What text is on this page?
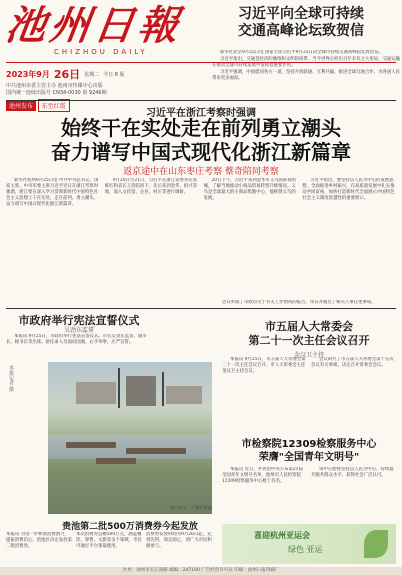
池州日報
CHIZHOU DAILY
习近平向全球可持续
交通高峰论坛致贺信
2023年9月 26日 星期二 今日 8 版
中共池州市委主管主办 池州市传媒中心出版
国内统一连续出版号 CN34-0030 第 9246期
池州发布 东至红霞

新华社北京9月25日电 国家主席习近平9月25日向全球可持续交通高峰论坛致贺信。

习近平指出，交通是经济的脉络和文明的纽带。当今世界正经历百年未有之大变局，交通运输在推动全球可持续发展中发挥着重要作用。

习近平强调，中国愿同各方一道，坚持开放联通、互利共赢，推进全球交通合作，为各国人民带来更多福祉。

习近平在浙江考察时强调
始终干在实处走在前列勇立潮头
奋力谱写中国式现代化浙江新篇章
返京途中在山东枣庄考察 蔡奇陪同考察

新华社杭州9月25日电 中共中央总书记、国家主席、中央军委主席习近平近日在浙江考察时强调，浙江要在深入学习贯彻新时代中国特色社会主义思想上干在实处、走在前列、勇立潮头，奋力谱写中国式现代化浙江新篇章。

9月20日至21日，习近平在浙江省委书记易炼红和省长王浩陪同下，先后来到金华、绍兴等地，深入文化馆、企业、村庄等进行调研。

20日下午，习近平来到金华市义乌国际商贸城，了解当地推动小商品贸易转型升级情况。义乌是全球最大的小商品集散中心，他称赞义乌的发展。

习近平指出，要坚持以人民为中心的发展思想，全面推进乡村振兴，在高质量发展中扎实推动共同富裕，加快打造新时代全面展示中国特色社会主义制度优越性的重要窗口。

市政府举行宪法宣誓仪式
吴劲东监誓

本报讯 9月25日，市政府举行宪法宣誓仪式。市长吴劲东监誓，副市长、秘书长等出席。新任命人员面向国旗、右手举拳，庄严宣誓。

本报记者 摄
港口码头一片繁忙景象
会议听取了市政府关于有关工作情况的报告，审议并通过了相关人事任免事项。
市五届人大常委会
第二十一次主任会议召开
金汉卫主持

本报讯 9月25日，市五届人大常委会第二十一次主任会议召开。市人大常委会主任金汉卫主持会议。

会议研究了市五届人大常委会第十五次会议有关事项，决定召开常委会会议。

市检察院12309检察服务中心
荣膺"全国青年文明号"

本报讯 近日，共青团中央公布第21届全国青年文明号名单，池州市人民检察院12309检察服务中心榜上有名。

该中心始终坚持以人民为中心，持续提升服务群众水平，获得社会广泛认可。

贵池第二批500万消费券今起发放
本报讯 为进一步释放消费潜力，提振消费信心，贵池区决定发放第二批消费券。
本次消费券总额500万元，涵盖餐饮、零售、文旅等多个领域，市民可通过平台领取使用。
消费券发放时间为9月26日起，先到先得，领完即止，请广大市民积极参与。
喜迎杭州亚运会
绿色 亚运
社址：池州市长江南路 邮编：247100 广告经营许可证 印刷：池州日报印刷厂
